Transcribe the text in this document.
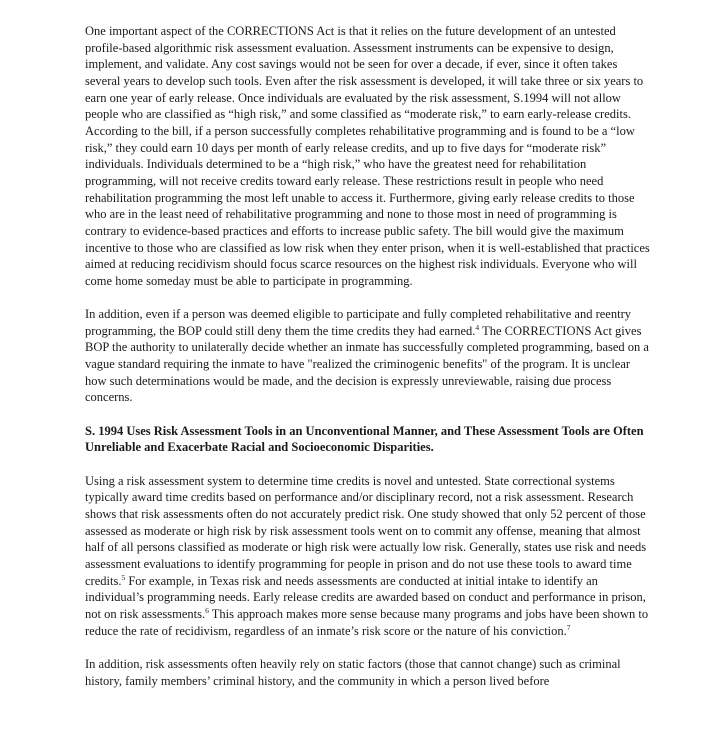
One important aspect of the CORRECTIONS Act is that it relies on the future development of an untested profile-based algorithmic risk assessment evaluation. Assessment instruments can be expensive to design, implement, and validate. Any cost savings would not be seen for over a decade, if ever, since it often takes several years to develop such tools. Even after the risk assessment is developed, it will take three or six years to earn one year of early release. Once individuals are evaluated by the risk assessment, S.1994 will not allow people who are classified as “high risk,” and some classified as “moderate risk,” to earn early-release credits. According to the bill, if a person successfully completes rehabilitative programming and is found to be a “low risk,” they could earn 10 days per month of early release credits, and up to five days for “moderate risk” individuals. Individuals determined to be a “high risk,” who have the greatest need for rehabilitation programming, will not receive credits toward early release. These restrictions result in people who need rehabilitation programming the most left unable to access it. Furthermore, giving early release credits to those who are in the least need of rehabilitative programming and none to those most in need of programming is contrary to evidence-based practices and efforts to increase public safety. The bill would give the maximum incentive to those who are classified as low risk when they enter prison, when it is well-established that practices aimed at reducing recidivism should focus scarce resources on the highest risk individuals. Everyone who will come home someday must be able to participate in programming.

In addition, even if a person was deemed eligible to participate and fully completed rehabilitative and reentry programming, the BOP could still deny them the time credits they had earned.$^4$ The CORRECTIONS Act gives BOP the authority to unilaterally decide whether an inmate has successfully completed programming, based on a vague standard requiring the inmate to have "realized the criminogenic benefits" of the program. It is unclear how such determinations would be made, and the decision is expressly unreviewable, raising due process concerns.

S. 1994 Uses Risk Assessment Tools in an Unconventional Manner, and These Assessment Tools are Often Unreliable and Exacerbate Racial and Socioeconomic Disparities.

Using a risk assessment system to determine time credits is novel and untested. State correctional systems typically award time credits based on performance and/or disciplinary record, not a risk assessment. Research shows that risk assessments often do not accurately predict risk. One study showed that only 52 percent of those assessed as moderate or high risk by risk assessment tools went on to commit any offense, meaning that almost half of all persons classified as moderate or high risk were actually low risk. Generally, states use risk and needs assessment evaluations to identify programming for people in prison and do not use these tools to award time credits.$^5$ For example, in Texas risk and needs assessments are conducted at initial intake to identify an individual’s programming needs. Early release credits are awarded based on conduct and performance in prison, not on risk assessments.$^6$ This approach makes more sense because many programs and jobs have been shown to reduce the rate of recidivism, regardless of an inmate’s risk score or the nature of his conviction.$^7$

In addition, risk assessments often heavily rely on static factors (those that cannot change) such as criminal history, family members’ criminal history, and the community in which a person lived before
